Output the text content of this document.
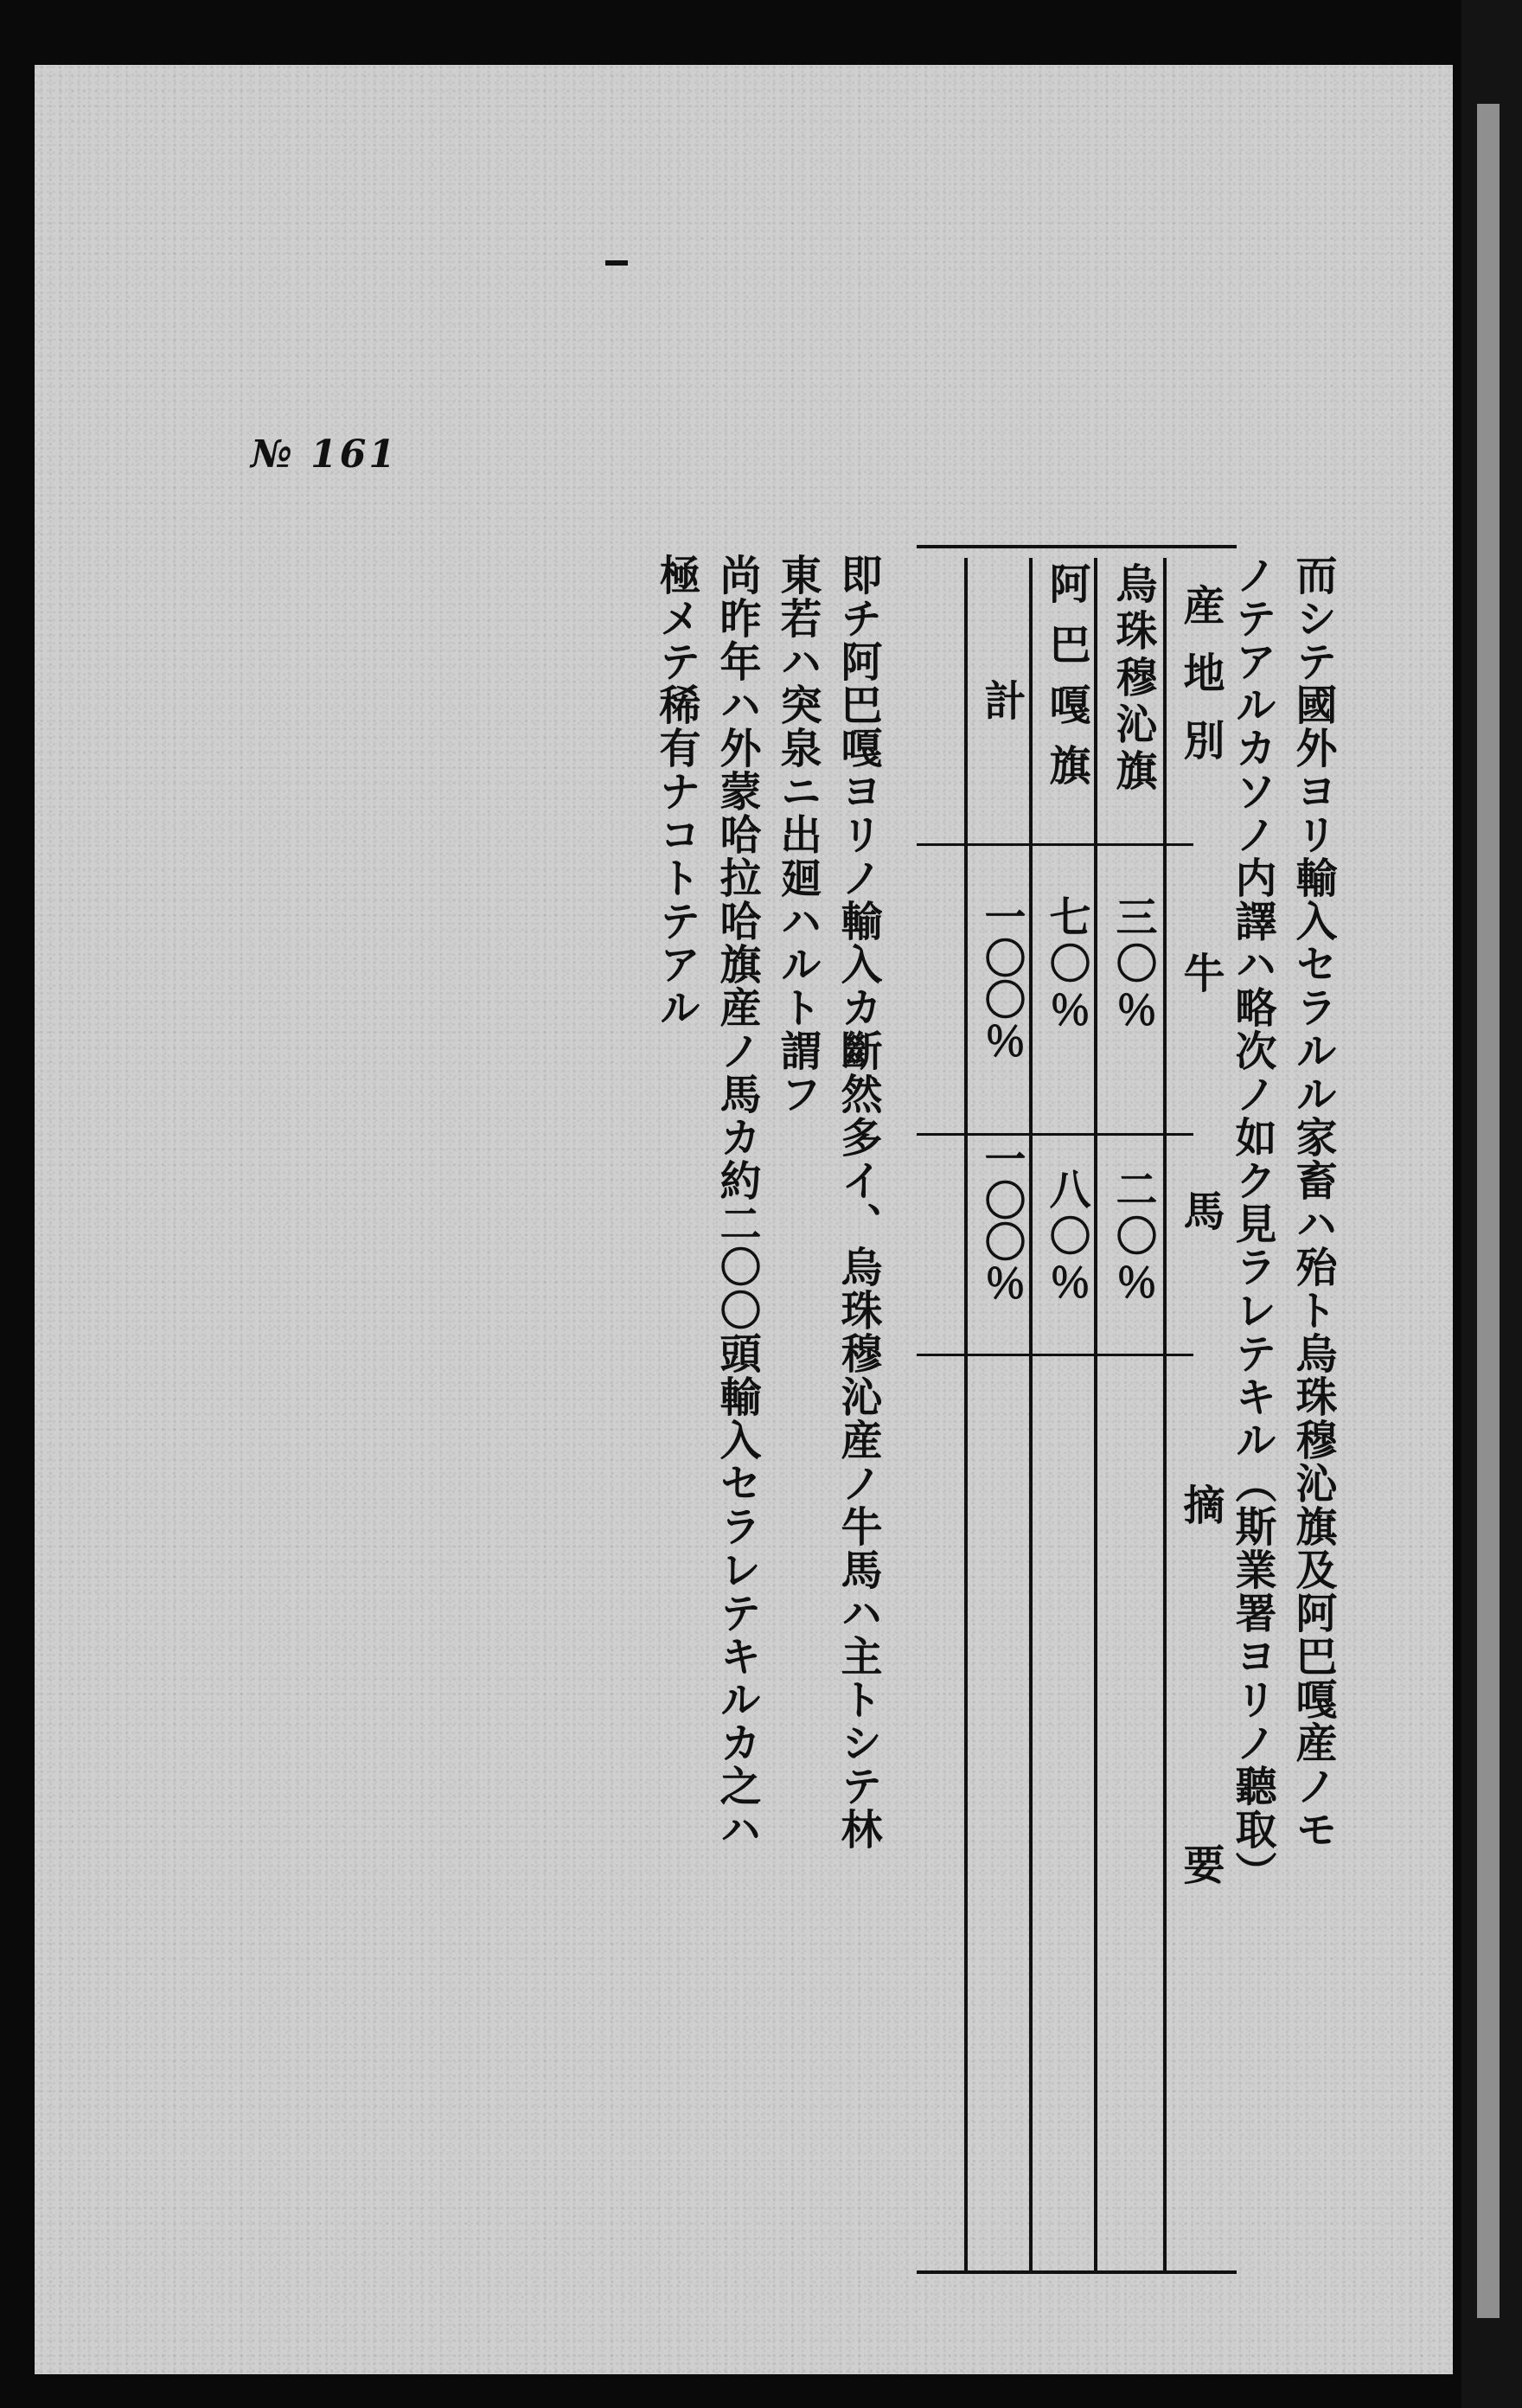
№ 161
而シテ國外ヨリ輸入セラルル家畜ハ殆ト烏珠穆沁旗及阿巴嘎産ノモ
ノテアルカソノ内譯ハ略次ノ如ク見ラレテキル（斯業署ヨリノ聽取）
産地別
牛
馬
摘　要
烏珠穆沁旗
三〇％
二〇％
阿巴嘎旗
七〇％
八〇％
計
一〇〇％
一〇〇％
即チ阿巴嘎ヨリノ輸入カ斷然多イ、烏珠穆沁産ノ牛馬ハ主トシテ林
東若ハ突泉ニ出廻ハルト謂フ
尚昨年ハ外蒙哈拉哈旗産ノ馬カ約二〇〇頭輸入セラレテキルカ之ハ
極メテ稀有ナコトテアル
